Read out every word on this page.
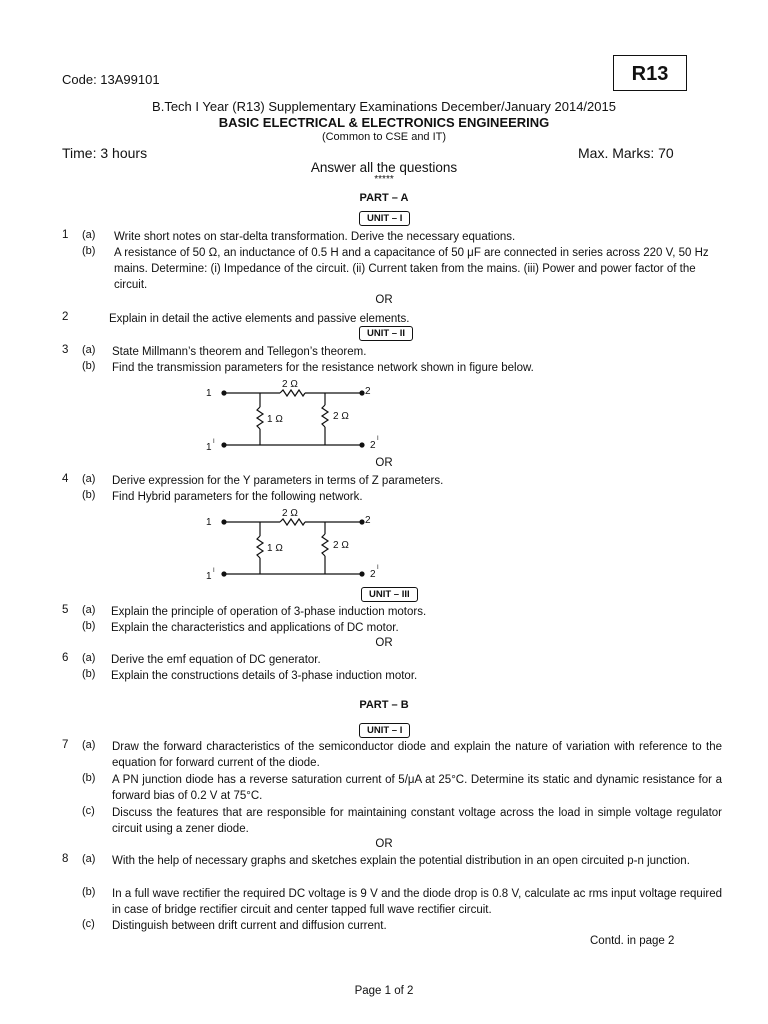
Code: 13A99101	R13
B.Tech I Year (R13) Supplementary Examinations December/January 2014/2015
BASIC ELECTRICAL & ELECTRONICS ENGINEERING
(Common to CSE and IT)
Time: 3 hours	Max. Marks: 70
Answer all the questions
*****
PART – A
UNIT – I
1 (a) Write short notes on star-delta transformation. Derive the necessary equations.
(b) A resistance of 50 Ω, an inductance of 0.5 H and a capacitance of 50 μF are connected in series across 220 V, 50 Hz mains. Determine: (i) Impedance of the circuit. (ii) Current taken from the mains. (iii) Power and power factor of the circuit.
OR
2	Explain in detail the active elements and passive elements.
UNIT – II
3 (a) State Millmann’s theorem and Tellegon’s theorem.
(b) Find the transmission parameters for the resistance network shown in figure below.
1
1 I
2
2
I
2 Ω
1 Ω	2 Ω
OR
4 (a) Derive expression for the Y parameters in terms of Z parameters.
(b) Find Hybrid parameters for the following network.
1
1 I
2
2
I
2 Ω
1 Ω	2 Ω
UNIT – III
5 (a) Explain the principle of operation of 3-phase induction motors.
(b) Explain the characteristics and applications of DC motor.
OR
6 (a) Derive the emf equation of DC generator.
(b) Explain the constructions details of 3-phase induction motor.
PART – B
UNIT – I
7 (a) Draw the forward characteristics of the semiconductor diode and explain the nature of variation with reference to the equation for forward current of the diode.
(b) A PN junction diode has a reverse saturation current of 5/μA at 25°C. Determine its static and dynamic resistance for a forward bias of 0.2 V at 75°C.
(c) Discuss the features that are responsible for maintaining constant voltage across the load in simple voltage regulator circuit using a zener diode.
OR
8 (a) With the help of necessary graphs and sketches explain the potential distribution in an open circuited p-n junction.
(b) In a full wave rectifier the required DC voltage is 9 V and the diode drop is 0.8 V, calculate ac rms input voltage required in case of bridge rectifier circuit and center tapped full wave rectifier circuit.
(c) Distinguish between drift current and diffusion current.
Contd. in page 2
Page 1 of 2
